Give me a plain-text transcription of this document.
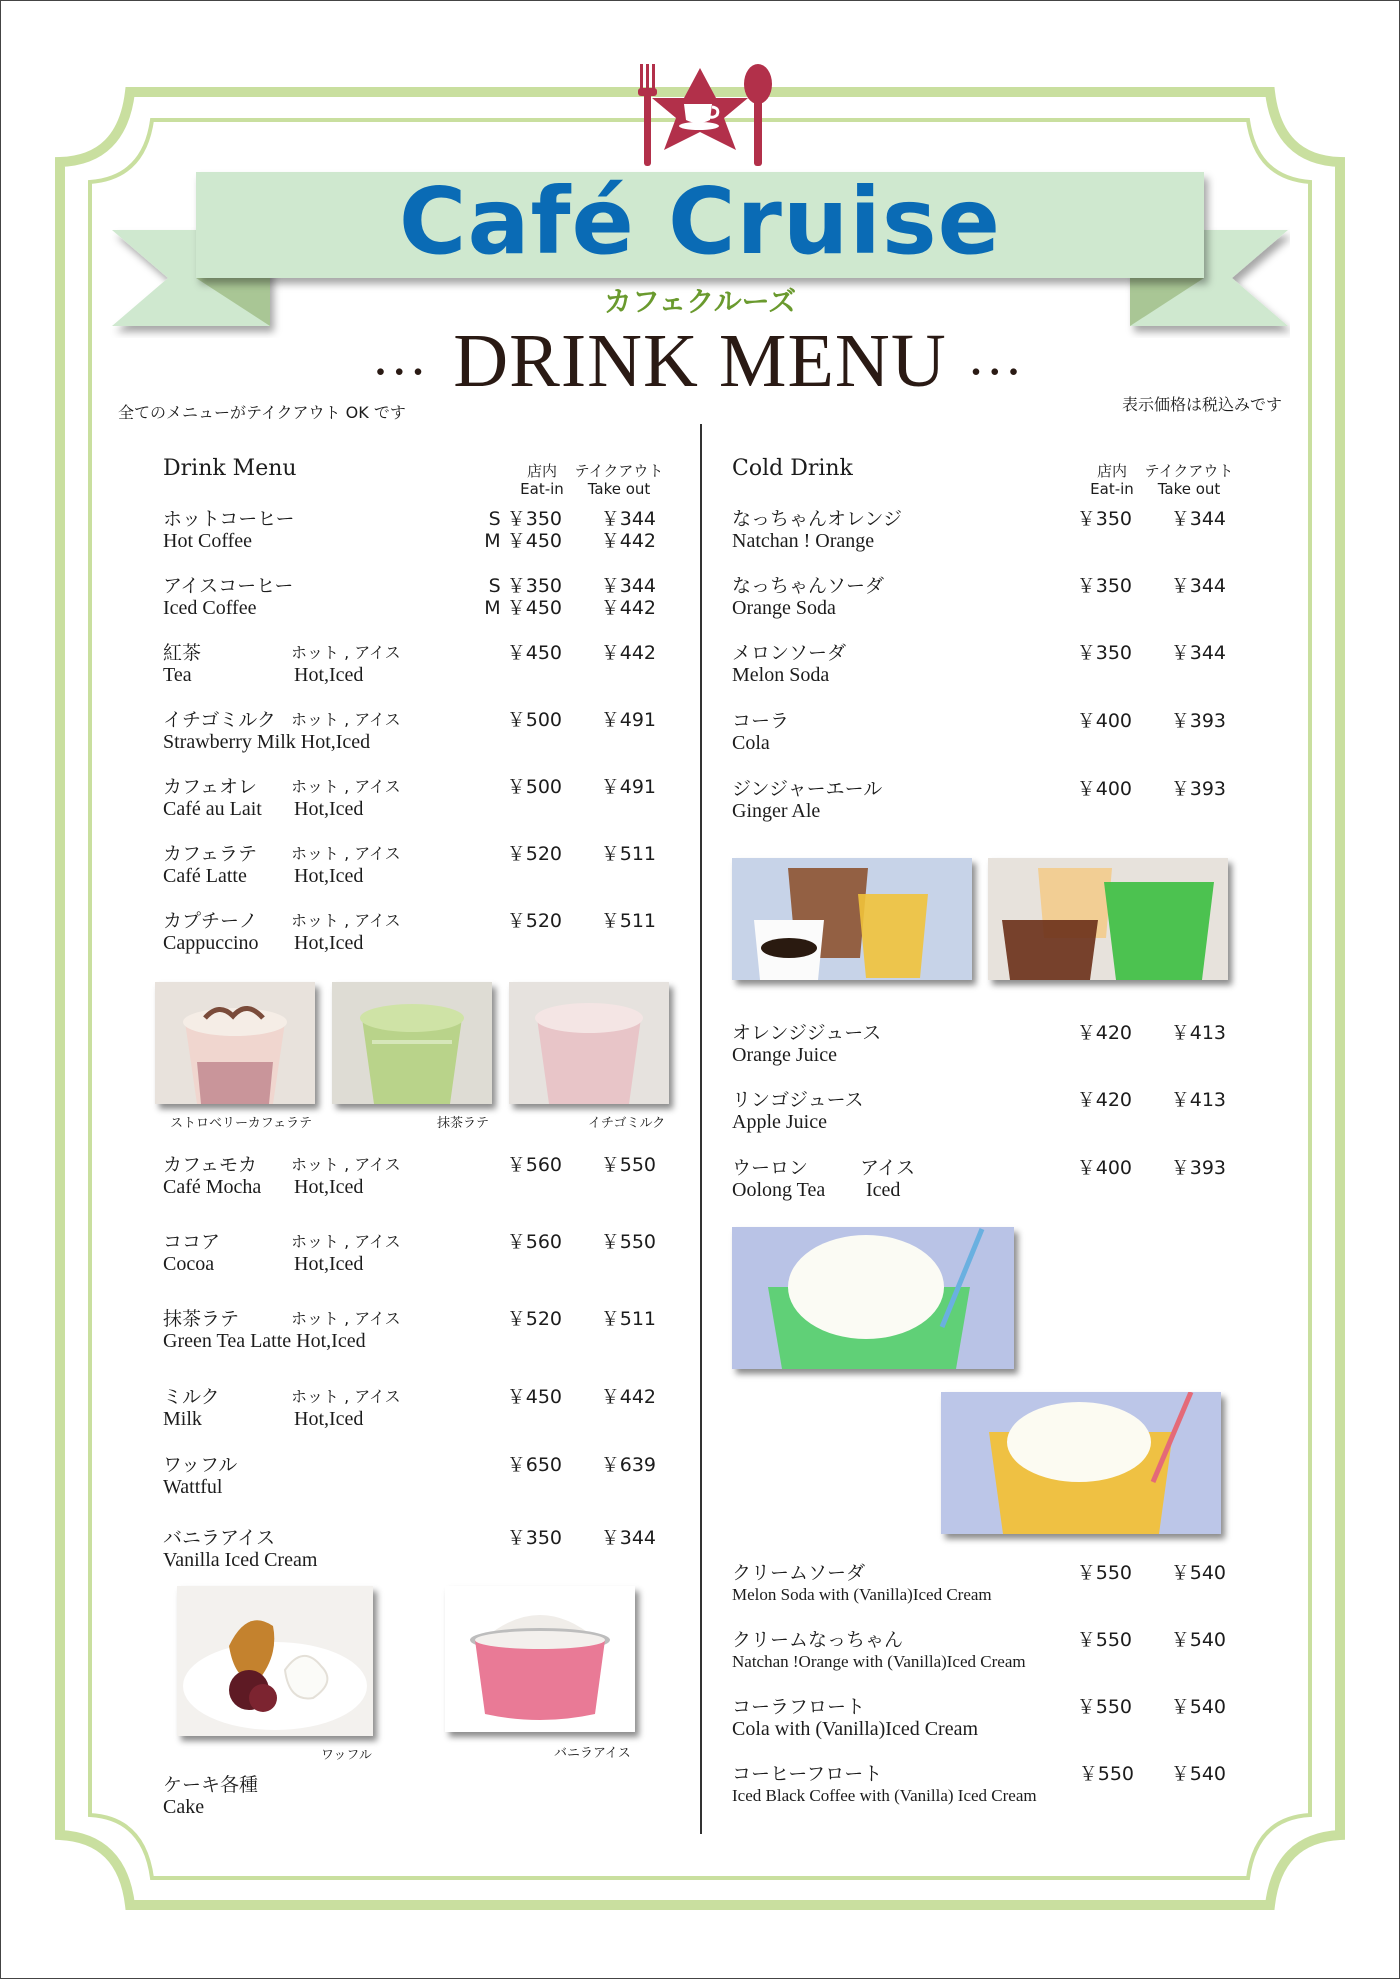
Café Cruise
カフェクルーズ
… DRINK MENU …
全てのメニューがテイクアウト OK です	表示価格は税込みです
Drink Menu	店内
Eat-in
テイクアウト
Take out
ホットコーヒー
Hot Coffee
S ￥350	￥344
M ￥450	￥442
アイスコーヒー
Iced Coffee
S ￥350	￥344
M ￥450	￥442
紅茶
Tea
ホット , アイス
Hot,Iced
￥450	￥442
イチゴミルク
Strawberry Milk Hot,Iced
ホット , アイス	￥500	￥491
カフェオレ
Café au Lait
ホット , アイス
Hot,Iced
￥500	￥491
カフェラテ
Café Latte
ホット , アイス
Hot,Iced
￥520	￥511
カプチーノ
Cappuccino
ホット , アイス
Hot,Iced
￥520	￥511
ストロベリーカフェラテ	抹茶ラテ	イチゴミルク
カフェモカ
Café Mocha
ホット , アイス
Hot,Iced
￥560	￥550
ココア
Cocoa
ホット , アイス
Hot,Iced
￥560	￥550
抹茶ラテ
Green Tea Latte Hot,Iced
ホット , アイス	￥520	￥511
ミルク
Milk
ホット , アイス
Hot,Iced
￥450	￥442
ワッフル
Wattful
￥650	￥639
バニラアイス
Vanilla Iced Cream
￥350	￥344
ワッフル	バニラアイス
ケーキ各種
Cake
Cold Drink	店内
Eat-in
テイクアウト
Take out
なっちゃんオレンジ
Natchan ! Orange
￥350	￥344
なっちゃんソーダ
Orange Soda
￥350	￥344
メロンソーダ
Melon Soda
￥350	￥344
コーラ
Cola
￥400	￥393
ジンジャーエール
Ginger Ale
￥400	￥393
オレンジジュース
Orange Juice
￥420	￥413
リンゴジュース
Apple Juice
￥420	￥413
ウーロン
Oolong Tea
アイス
Iced
￥400	￥393
クリームソーダ
Melon Soda with (Vanilla)Iced Cream
￥550	￥540
クリームなっちゃん
Natchan !Orange with (Vanilla)Iced Cream
￥550	￥540
コーラフロート
Cola with (Vanilla)Iced Cream
￥550	￥540
コーヒーフロート
Iced Black Coffee with (Vanilla) Iced Cream
￥550	￥540
